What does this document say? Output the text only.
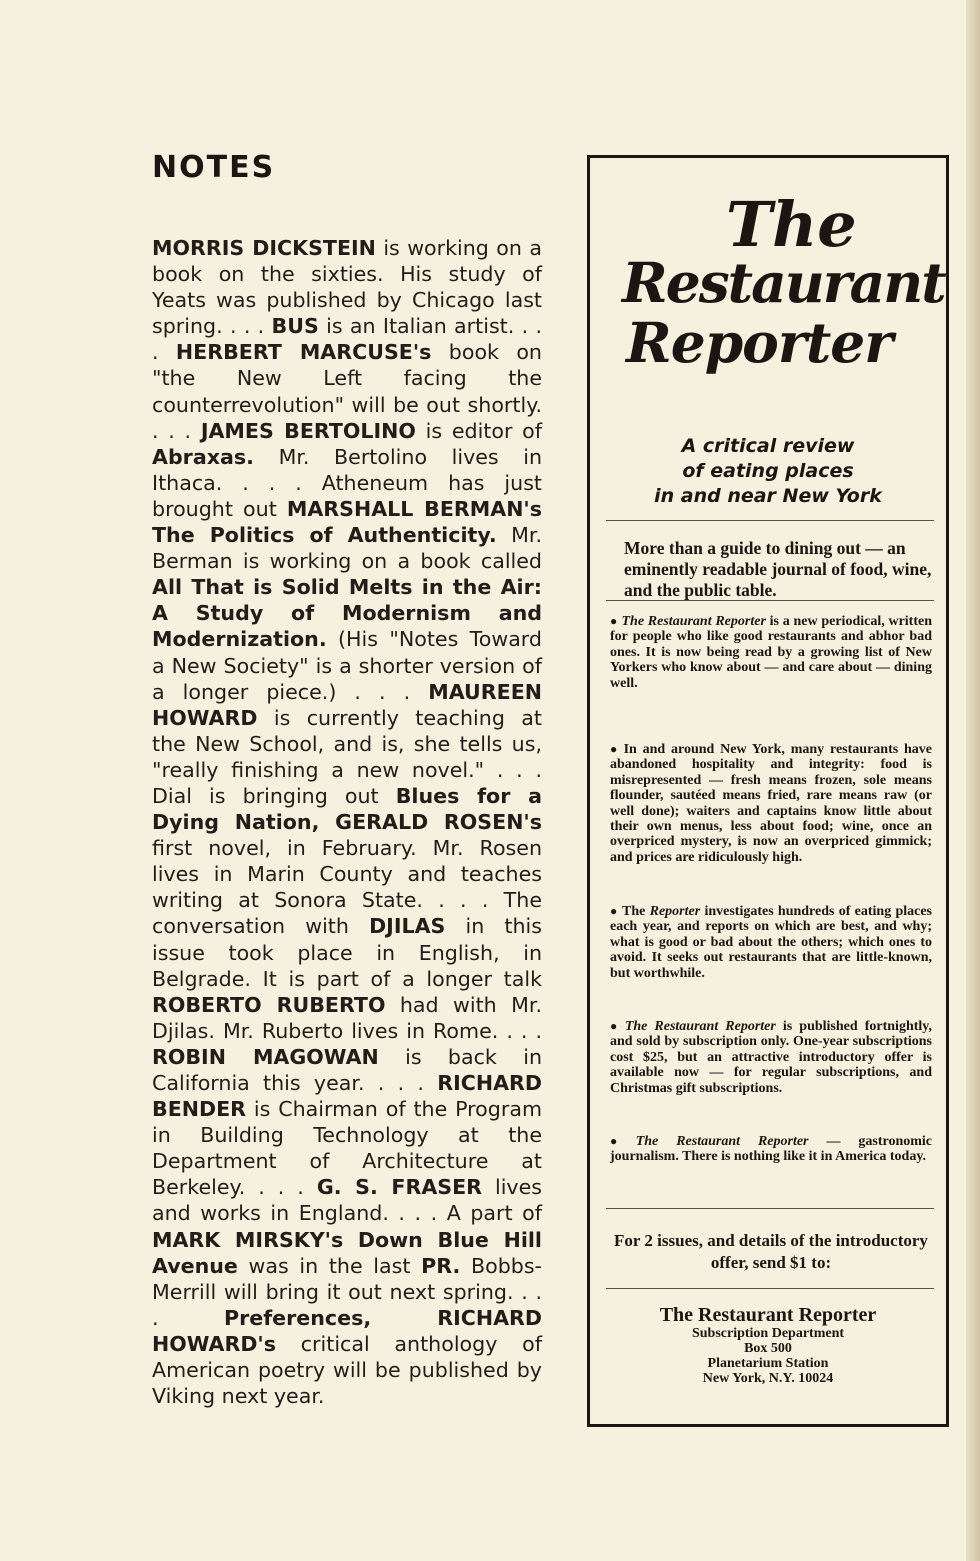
NOTES

MORRIS DICKSTEIN is working on a book on the sixties. His study of Yeats was published by Chicago last spring. . . . BUS is an Italian artist. . . . HERBERT MARCUSE's book on "the New Left facing the counterrevolution" will be out shortly. . . . JAMES BERTOLINO is editor of Abraxas. Mr. Bertolino lives in Ithaca. . . . Atheneum has just brought out MARSHALL BERMAN's The Politics of Authenticity. Mr. Berman is working on a book called All That is Solid Melts in the Air: A Study of Modernism and Modernization. (His "Notes Toward a New Society" is a shorter version of a longer piece.) . . . MAUREEN HOWARD is currently teaching at the New School, and is, she tells us, "really finishing a new novel." . . . Dial is bringing out Blues for a Dying Nation, GERALD ROSEN's first novel, in February. Mr. Rosen lives in Marin County and teaches writing at Sonora State. . . . The conversation with DJILAS in this issue took place in English, in Belgrade. It is part of a longer talk ROBERTO RUBERTO had with Mr. Djilas. Mr. Ruberto lives in Rome. . . . ROBIN MAGOWAN is back in California this year. . . . RICHARD BENDER is Chairman of the Program in Building Technology at the Department of Architecture at Berkeley. . . . G. S. FRASER lives and works in England. . . . A part of MARK MIRSKY's Down Blue Hill Avenue was in the last PR. Bobbs-Merrill will bring it out next spring. . . . Preferences, RICHARD HOWARD's critical anthology of American poetry will be published by Viking next year.

The
Restaurant
Reporter
A critical review
of eating places
in and near New York
More than a guide to dining out — an eminently readable journal of food, wine, and the public table.
● The Restaurant Reporter is a new periodical, written for people who like good restaurants and abhor bad ones. It is now being read by a growing list of New Yorkers who know about — and care about — dining well.
● In and around New York, many restaurants have abandoned hospitality and integrity: food is misrepresented — fresh means frozen, sole means flounder, sautéed means fried, rare means raw (or well done); waiters and captains know little about their own menus, less about food; wine, once an overpriced mystery, is now an overpriced gimmick; and prices are ridiculously high.
● The Reporter investigates hundreds of eating places each year, and reports on which are best, and why; what is good or bad about the others; which ones to avoid. It seeks out restaurants that are little-known, but worthwhile.
● The Restaurant Reporter is published fortnightly, and sold by subscription only. One-year subscriptions cost $25, but an attractive introductory offer is available now — for regular subscriptions, and Christmas gift subscriptions.
● The Restaurant Reporter — gastronomic journalism. There is nothing like it in America today.
For 2 issues, and details of the introductory offer, send $1 to:
The Restaurant Reporter
Subscription Department
Box 500
Planetarium Station
New York, N.Y. 10024
